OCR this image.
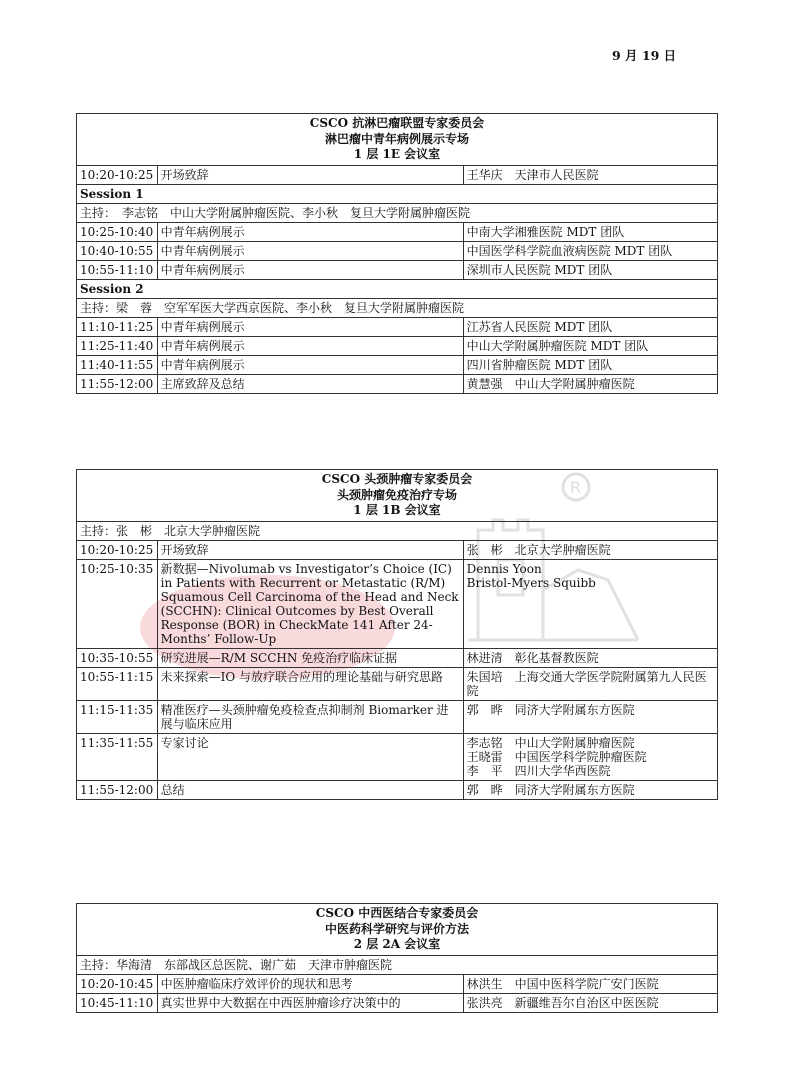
R
9 月 19 日
CSCO 抗淋巴瘤联盟专家委员会
淋巴瘤中青年病例展示专场
1 层 1E 会议室		

10:20-10:25	开场致辞	王华庆　天津市人民医院

Session 1		
主持：　李志铭　中山大学附属肿瘤医院、李小秋　复旦大学附属肿瘤医院		
10:25-10:40	中青年病例展示	中南大学湘雅医院 MDT 团队

10:40-10:55	中青年病例展示	中国医学科学院血液病医院 MDT 团队

10:55-11:10	中青年病例展示	深圳市人民医院 MDT 团队

Session 2		
主持：梁　蓉　空军军医大学西京医院、李小秋　复旦大学附属肿瘤医院		
11:10-11:25	中青年病例展示	江苏省人民医院 MDT 团队

11:25-11:40	中青年病例展示	中山大学附属肿瘤医院 MDT 团队

11:40-11:55	中青年病例展示	四川省肿瘤医院 MDT 团队

11:55-12:00	主席致辞及总结	黄慧强　中山大学附属肿瘤医院
CSCO 头颈肿瘤专家委员会
头颈肿瘤免疫治疗专场
1 层 1B 会议室		

主持：张　彬　北京大学肿瘤医院		
10:20-10:25	开场致辞	张　彬　北京大学肿瘤医院

10:25-10:35	新数据—Nivolumab vs Investigator’s Choice (IC) in Patients with Recurrent or Metastatic (R/M) Squamous Cell Carcinoma of the Head and Neck (SCCHN): Clinical Outcomes by Best Overall Response (BOR) in CheckMate 141 After 24-Months’ Follow-Up	Dennis Yoon
Bristol-Myers Squibb

10:35-10:55	研究进展—R/M SCCHN 免疫治疗临床证据	林进清　彰化基督教医院

10:55-11:15	未来探索—IO 与放疗联合应用的理论基础与研究思路	朱国培　上海交通大学医学院附属第九人民医院

11:15-11:35	精准医疗—头颈肿瘤免疫检查点抑制剂 Biomarker 进展与临床应用	郭　晔　同济大学附属东方医院

11:35-11:55	专家讨论	李志铭　中山大学附属肿瘤医院
王晓雷　中国医学科学院肿瘤医院
李　平　四川大学华西医院

11:55-12:00	总结	郭　晔　同济大学附属东方医院
CSCO 中西医结合专家委员会
中医药科学研究与评价方法
2 层 2A 会议室		

主持：华海清　东部战区总医院、谢广茹　天津市肿瘤医院		
10:20-10:45	中医肿瘤临床疗效评价的现状和思考	林洪生　中国中医科学院广安门医院

10:45-11:10	真实世界中大数据在中西医肿瘤诊疗决策中的	张洪亮　新疆维吾尔自治区中医医院
